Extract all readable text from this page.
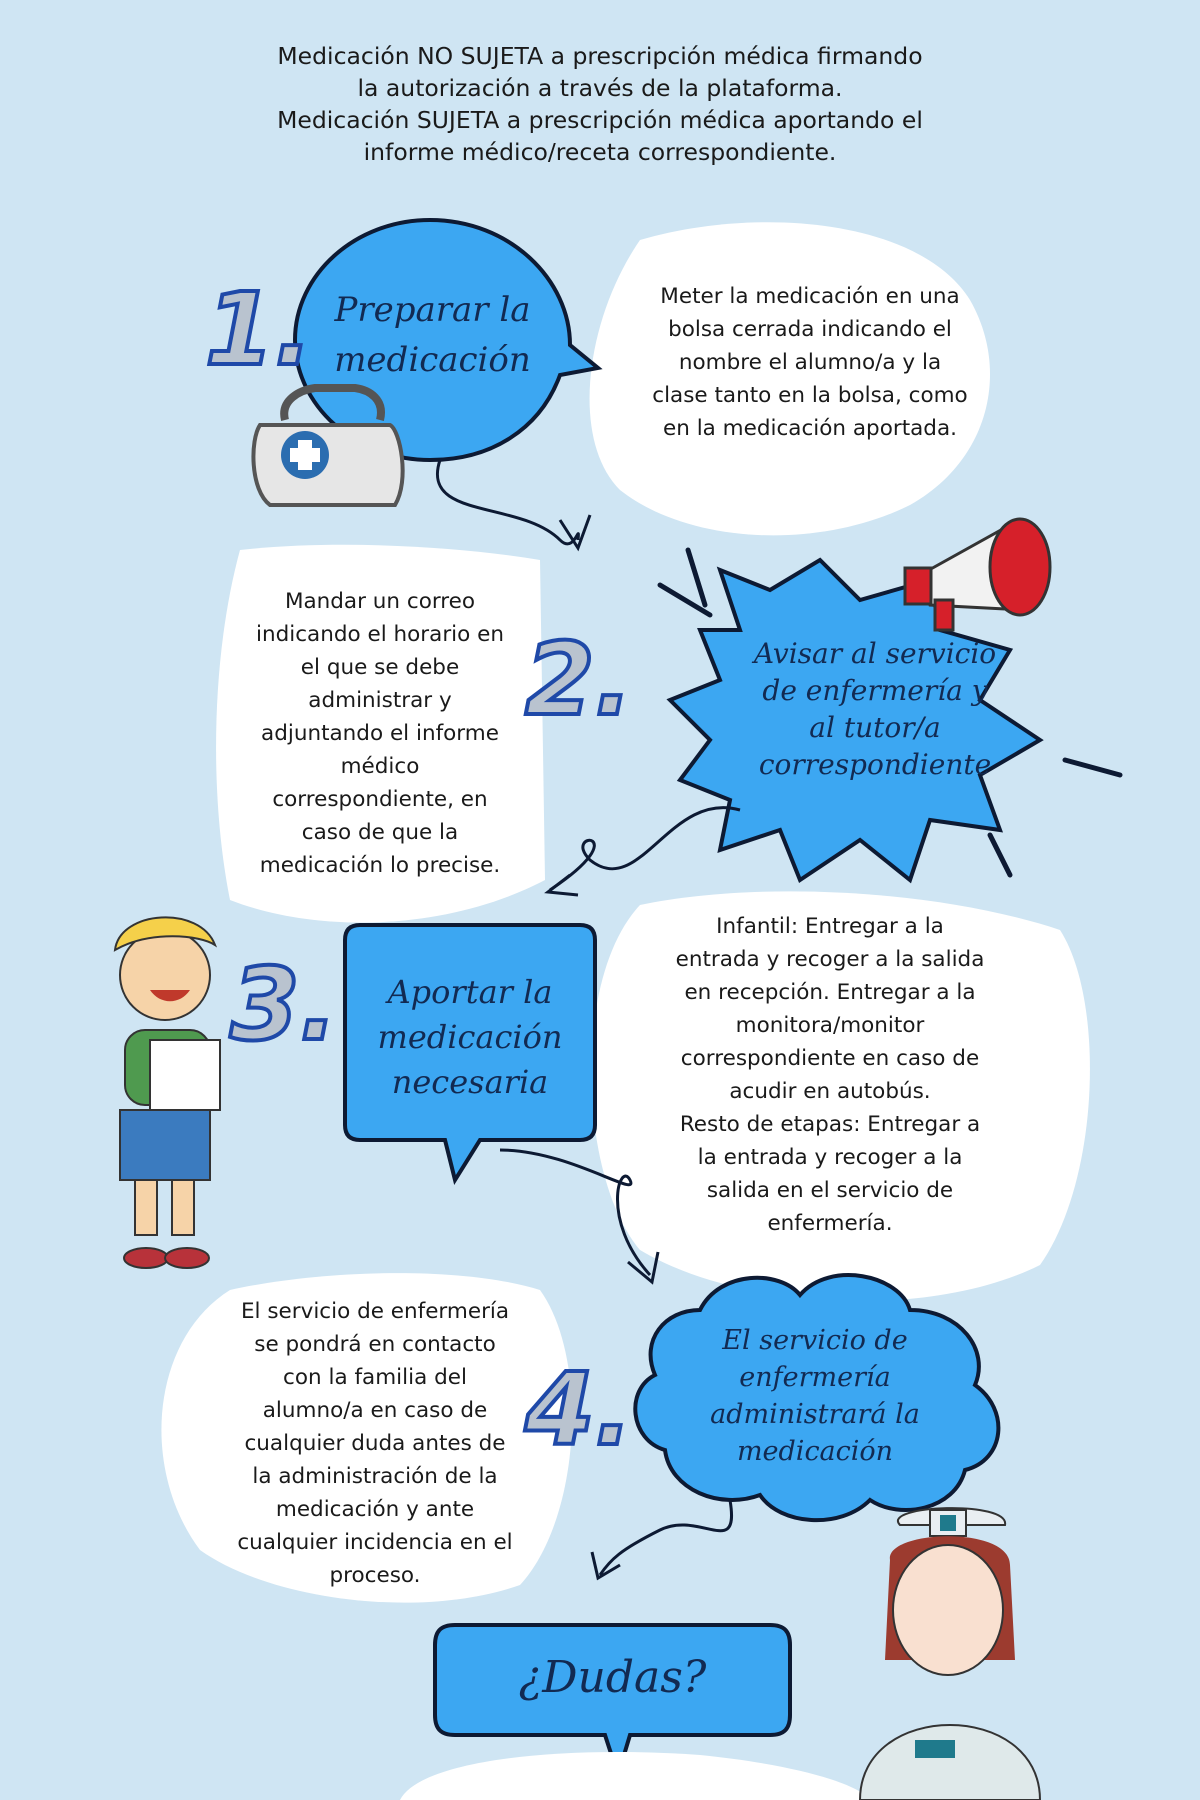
Medicación NO SUJETA a prescripción médica firmando

la autorización a través de la plataforma.

Medicación SUJETA a prescripción médica aportando el

informe médico/receta correspondiente.

1. Preparar la
medicación
Meter la medicación en una
bolsa cerrada indicando el
nombre el alumno/a y la
clase tanto en la bolsa, como
en la medicación aportada.
2.	Avisar al servicio
de enfermería y
al tutor/a
correspondiente
Mandar un correo
indicando el horario en
el que se debe
administrar y
adjuntando el informe
médico
correspondiente, en
caso de que la
medicación lo precise.
3.	Aportar la
medicación
necesaria
Infantil: Entregar a la
entrada y recoger a la salida
en recepción. Entregar a la
monitora/monitor
correspondiente en caso de
acudir en autobús.
Resto de etapas: Entregar a
la entrada y recoger a la
salida en el servicio de
enfermería.
4.
El servicio de
enfermería
administrará la
medicación
El servicio de enfermería
se pondrá en contacto
con la familia del
alumno/a en caso de
cualquier duda antes de
la administración de la
medicación y ante
cualquier incidencia en el
proceso.
¿Dudas?
